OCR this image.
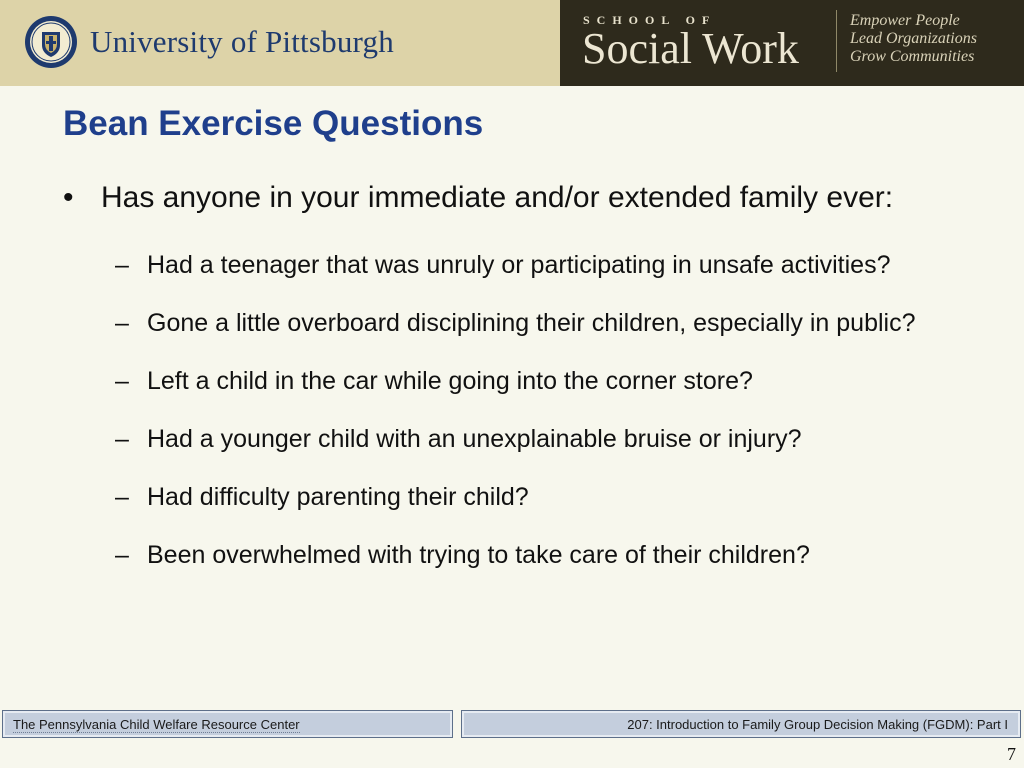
University of Pittsburgh
SCHOOL OF
Social Work
Empower People
Lead Organizations
Grow Communities
Bean Exercise Questions
• Has anyone in your immediate and/or extended family ever:
– Had a teenager that was unruly or participating in unsafe activities?
– Gone a little overboard disciplining their children, especially in public?
– Left a child in the car while going into the corner store?
– Had a younger child with an unexplainable bruise or injury?
– Had difficulty parenting their child?
– Been overwhelmed with trying to take care of their children?
The Pennsylvania Child Welfare Resource Center	207: Introduction to Family Group Decision Making (FGDM): Part I
7
